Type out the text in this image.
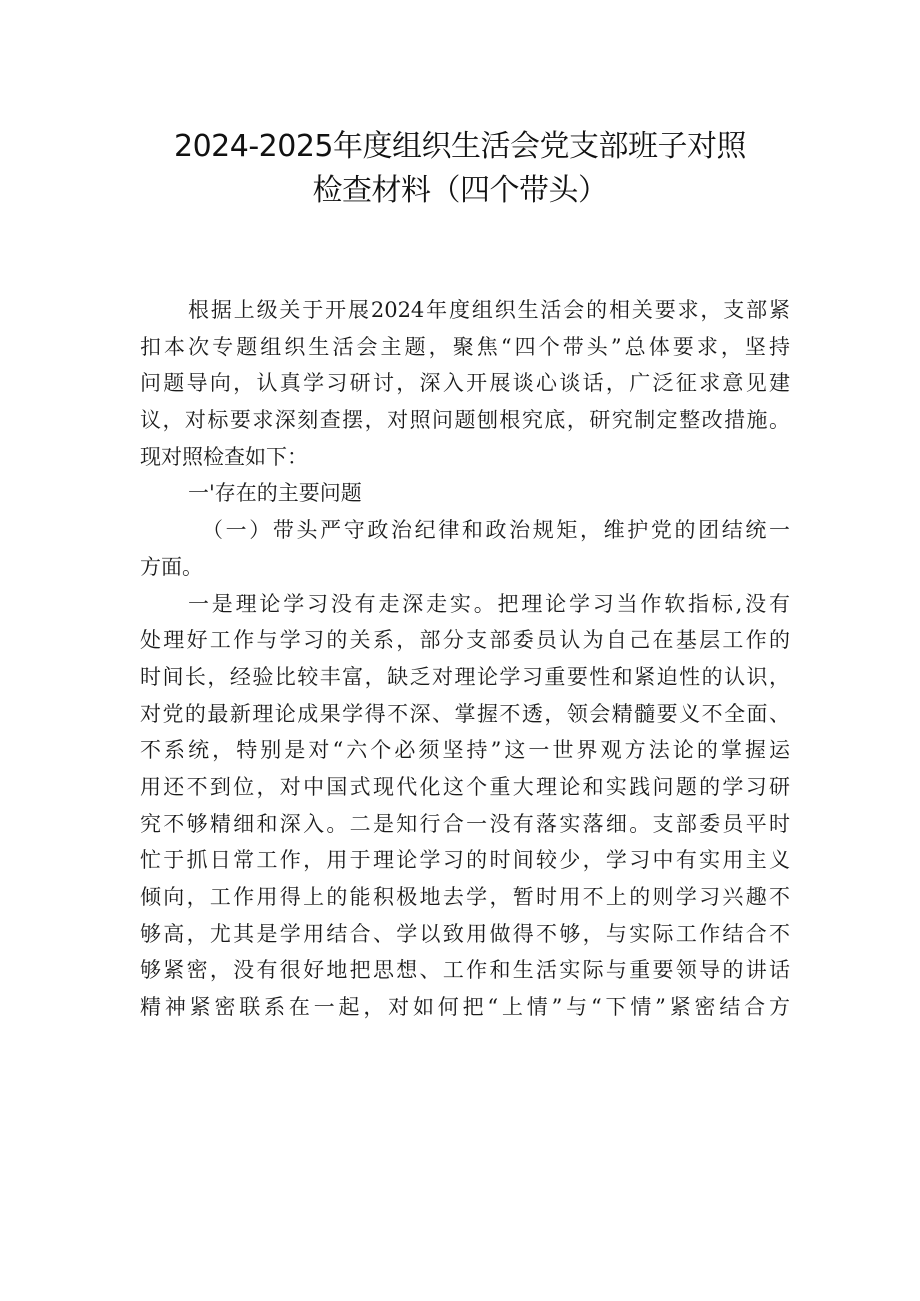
2024-2025年度组织生活会党支部班子对照
检查材料（四个带头）
根据上级关于开展2024年度组织生活会的相关要求，支部紧
扣本次专题组织生活会主题，聚焦“四个带头”总体要求，坚持
问题导向，认真学习研讨，深入开展谈心谈话，广泛征求意见建
议，对标要求深刻查摆，对照问题刨根究底，研究制定整改措施。
现对照检查如下：
一'存在的主要问题
（一）带头严守政治纪律和政治规矩，维护党的团结统一
方面。
一是理论学习没有走深走实。把理论学习当作软指标,没有
处理好工作与学习的关系，部分支部委员认为自己在基层工作的
时间长，经验比较丰富，缺乏对理论学习重要性和紧迫性的认识，
对党的最新理论成果学得不深、掌握不透，领会精髓要义不全面、
不系统，特别是对“六个必须坚持”这一世界观方法论的掌握运
用还不到位，对中国式现代化这个重大理论和实践问题的学习研
究不够精细和深入。二是知行合一没有落实落细。支部委员平时
忙于抓日常工作，用于理论学习的时间较少，学习中有实用主义
倾向，工作用得上的能积极地去学，暂时用不上的则学习兴趣不
够高，尤其是学用结合、学以致用做得不够，与实际工作结合不
够紧密，没有很好地把思想、工作和生活实际与重要领导的讲话
精神紧密联系在一起，对如何把“上情”与“下情”紧密结合方
